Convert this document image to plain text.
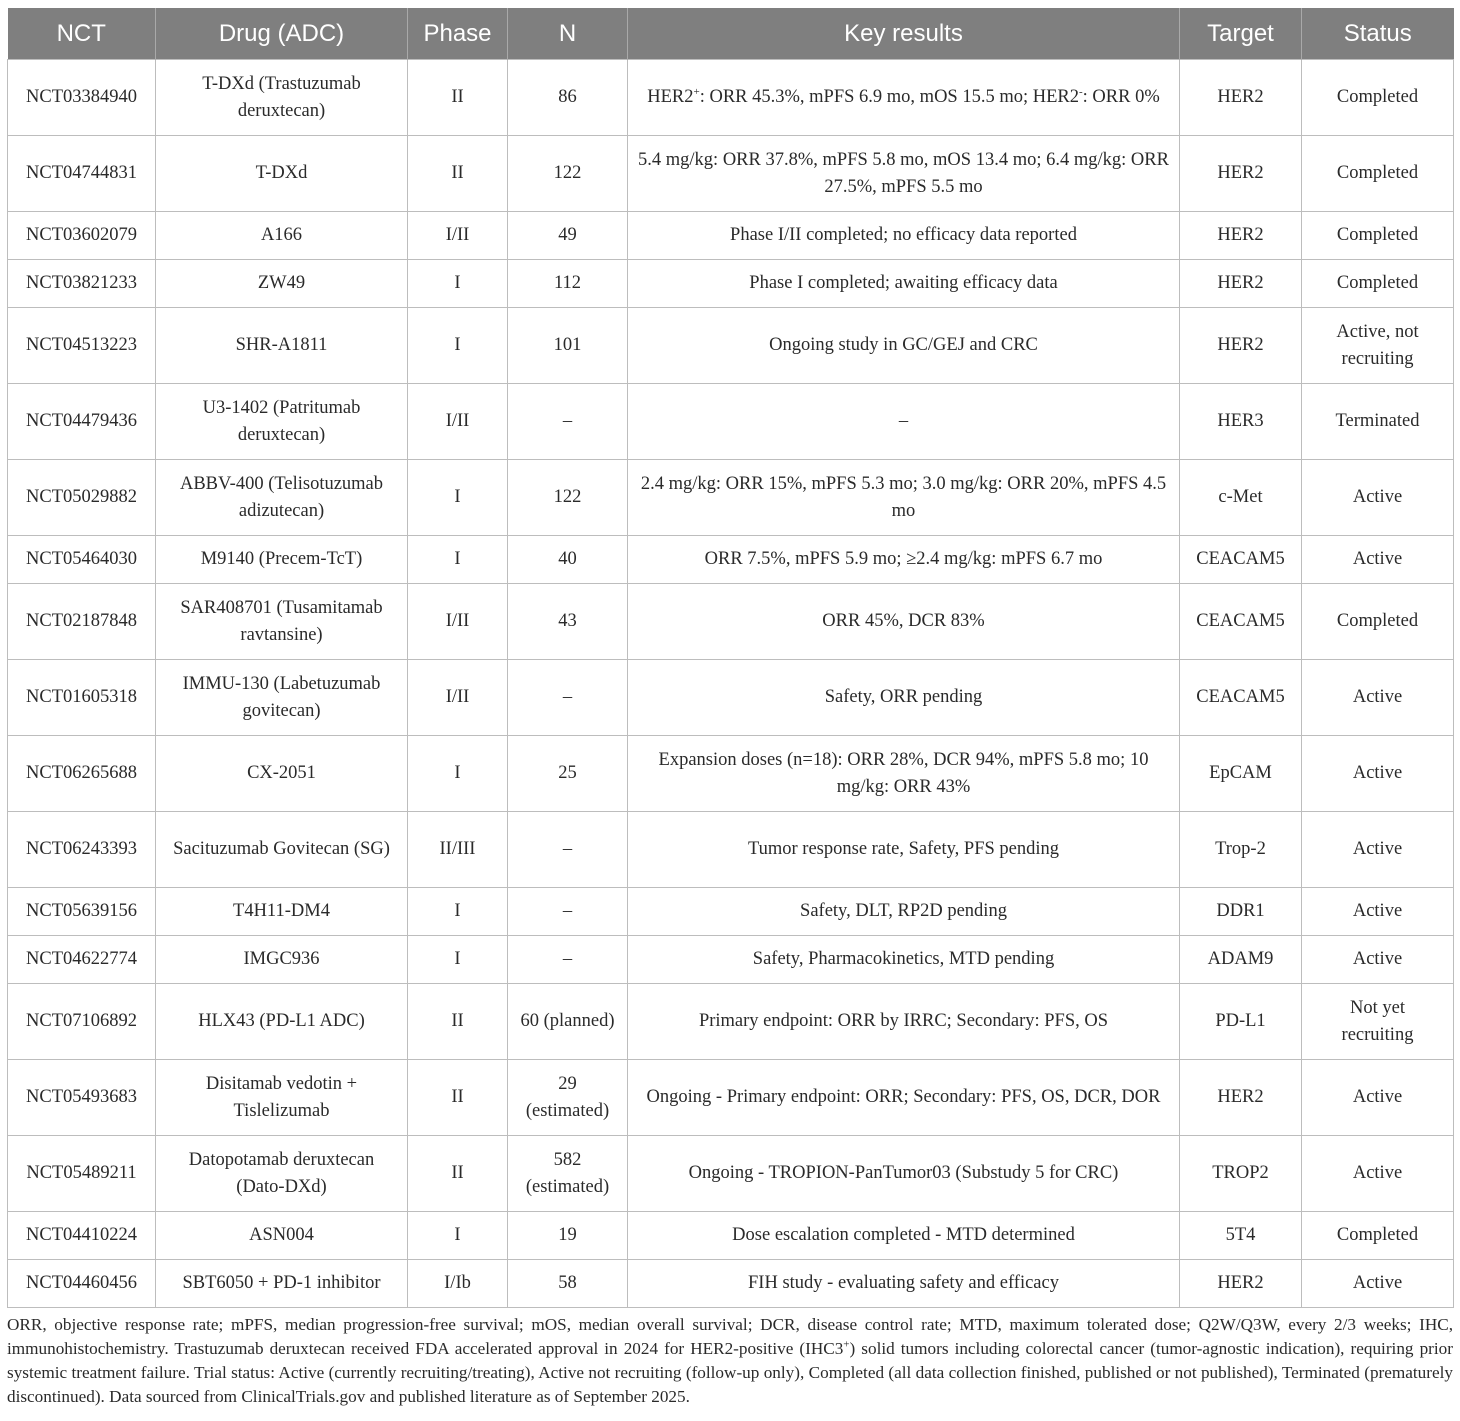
NCT	Drug (ADC)	Phase	N	Key results	Target	Status
NCT03384940	T-DXd (Trastuzumab deruxtecan)	II	86	HER2+: ORR 45.3%, mPFS 6.9 mo, mOS 15.5 mo; HER2-: ORR 0%	HER2	Completed
NCT04744831	T-DXd	II	122	5.4 mg/kg: ORR 37.8%, mPFS 5.8 mo, mOS 13.4 mo; 6.4 mg/kg: ORR 27.5%, mPFS 5.5 mo	HER2	Completed
NCT03602079	A166	I/II	49	Phase I/II completed; no efficacy data reported	HER2	Completed
NCT03821233	ZW49	I	112	Phase I completed; awaiting efficacy data	HER2	Completed
NCT04513223	SHR-A1811	I	101	Ongoing study in GC/GEJ and CRC	HER2	Active, not recruiting
NCT04479436	U3-1402 (Patritumab deruxtecan)	I/II	–	–	HER3	Terminated
NCT05029882	ABBV-400 (Telisotuzumab adizutecan)	I	122	2.4 mg/kg: ORR 15%, mPFS 5.3 mo; 3.0 mg/kg: ORR 20%, mPFS 4.5 mo	c-Met	Active
NCT05464030	M9140 (Precem-TcT)	I	40	ORR 7.5%, mPFS 5.9 mo; ≥2.4 mg/kg: mPFS 6.7 mo	CEACAM5	Active
NCT02187848	SAR408701 (Tusamitamab ravtansine)	I/II	43	ORR 45%, DCR 83%	CEACAM5	Completed
NCT01605318	IMMU-130 (Labetuzumab govitecan)	I/II	–	Safety, ORR pending	CEACAM5	Active
NCT06265688	CX-2051	I	25	Expansion doses (n=18): ORR 28%, DCR 94%, mPFS 5.8 mo; 10 mg/kg: ORR 43%	EpCAM	Active
NCT06243393	Sacituzumab Govitecan (SG)	II/III	–	Tumor response rate, Safety, PFS pending	Trop-2	Active
NCT05639156	T4H11-DM4	I	–	Safety, DLT, RP2D pending	DDR1	Active
NCT04622774	IMGC936	I	–	Safety, Pharmacokinetics, MTD pending	ADAM9	Active
NCT07106892	HLX43 (PD-L1 ADC)	II	60 (planned)	Primary endpoint: ORR by IRRC; Secondary: PFS, OS	PD-L1	Not yet recruiting
NCT05493683	Disitamab vedotin + Tislelizumab	II	29 (estimated)	Ongoing - Primary endpoint: ORR; Secondary: PFS, OS, DCR, DOR	HER2	Active
NCT05489211	Datopotamab deruxtecan (Dato-DXd)	II	582 (estimated)	Ongoing - TROPION-PanTumor03 (Substudy 5 for CRC)	TROP2	Active
NCT04410224	ASN004	I	19	Dose escalation completed - MTD determined	5T4	Completed
NCT04460456	SBT6050 + PD-1 inhibitor	I/Ib	58	FIH study - evaluating safety and efficacy	HER2	Active

ORR, objective response rate; mPFS, median progression-free survival; mOS, median overall survival; DCR, disease control rate; MTD, maximum tolerated dose; Q2W/Q3W, every 2/3 weeks; IHC, immunohistochemistry. Trastuzumab deruxtecan received FDA accelerated approval in 2024 for HER2-positive (IHC3+) solid tumors including colorectal cancer (tumor-agnostic indication), requiring prior systemic treatment failure. Trial status: Active (currently recruiting/treating), Active not recruiting (follow-up only), Completed (all data collection finished, published or not published), Terminated (prematurely discontinued). Data sourced from ClinicalTrials.gov and published literature as of September 2025.
